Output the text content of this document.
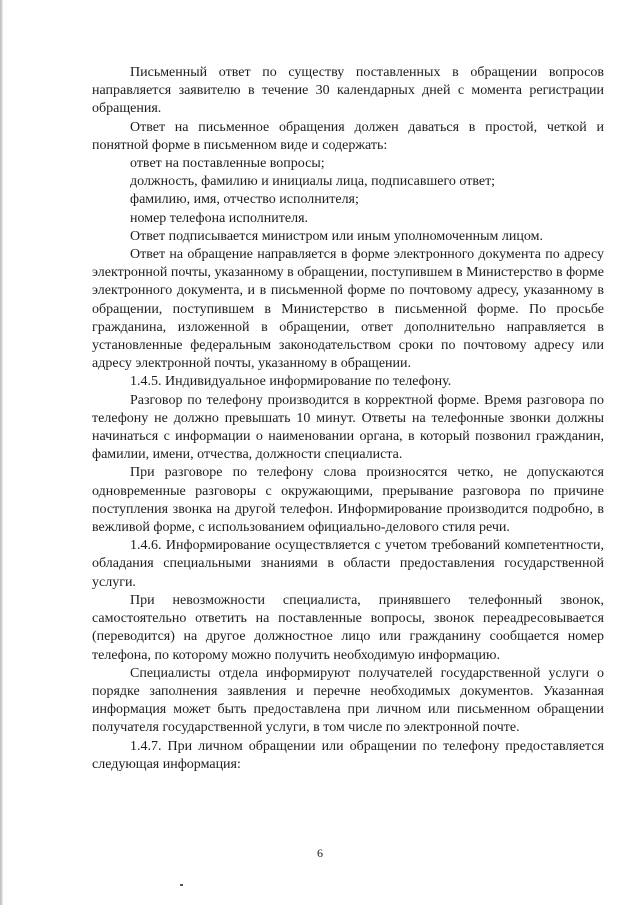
Письменный ответ по существу поставленных в обращении вопросов направляется заявителю в течение 30 календарных дней с момента регистрации обращения.

Ответ на письменное обращения должен даваться в простой, четкой и понятной форме в письменном виде и содержать:

ответ на поставленные вопросы;

должность, фамилию и инициалы лица, подписавшего ответ;

фамилию, имя, отчество исполнителя;

номер телефона исполнителя.

Ответ подписывается министром или иным уполномоченным лицом.

Ответ на обращение направляется в форме электронного документа по адресу электронной почты, указанному в обращении, поступившем в Министерство в форме электронного документа, и в письменной форме по почтовому адресу, указанному в обращении, поступившем в Министерство в письменной форме. По просьбе гражданина, изложенной в обращении, ответ дополнительно направляется в установленные федеральным законодательством сроки по почтовому адресу или адресу электронной почты, указанному в обращении.

1.4.5. Индивидуальное информирование по телефону.

Разговор по телефону производится в корректной форме. Время разговора по телефону не должно превышать 10 минут. Ответы на телефонные звонки должны начинаться с информации о наименовании органа, в который позвонил гражданин, фамилии, имени, отчества, должности специалиста.

При разговоре по телефону слова произносятся четко, не допускаются одновременные разговоры с окружающими, прерывание разговора по причине поступления звонка на другой телефон. Информирование производится подробно, в вежливой форме, с использованием официально-делового стиля речи.

1.4.6. Информирование осуществляется с учетом требований компетентности, обладания специальными знаниями в области предоставления государственной услуги.

При невозможности специалиста, принявшего телефонный звонок, самостоятельно ответить на поставленные вопросы, звонок переадресовывается (переводится) на другое должностное лицо или гражданину сообщается номер телефона, по которому можно получить необходимую информацию.

Специалисты отдела информируют получателей государственной услуги о порядке заполнения заявления и перечне необходимых документов. Указанная информация может быть предоставлена при личном или письменном обращении получателя государственной услуги, в том числе по электронной почте.

1.4.7. При личном обращении или обращении по телефону предоставляется следующая информация:

6
